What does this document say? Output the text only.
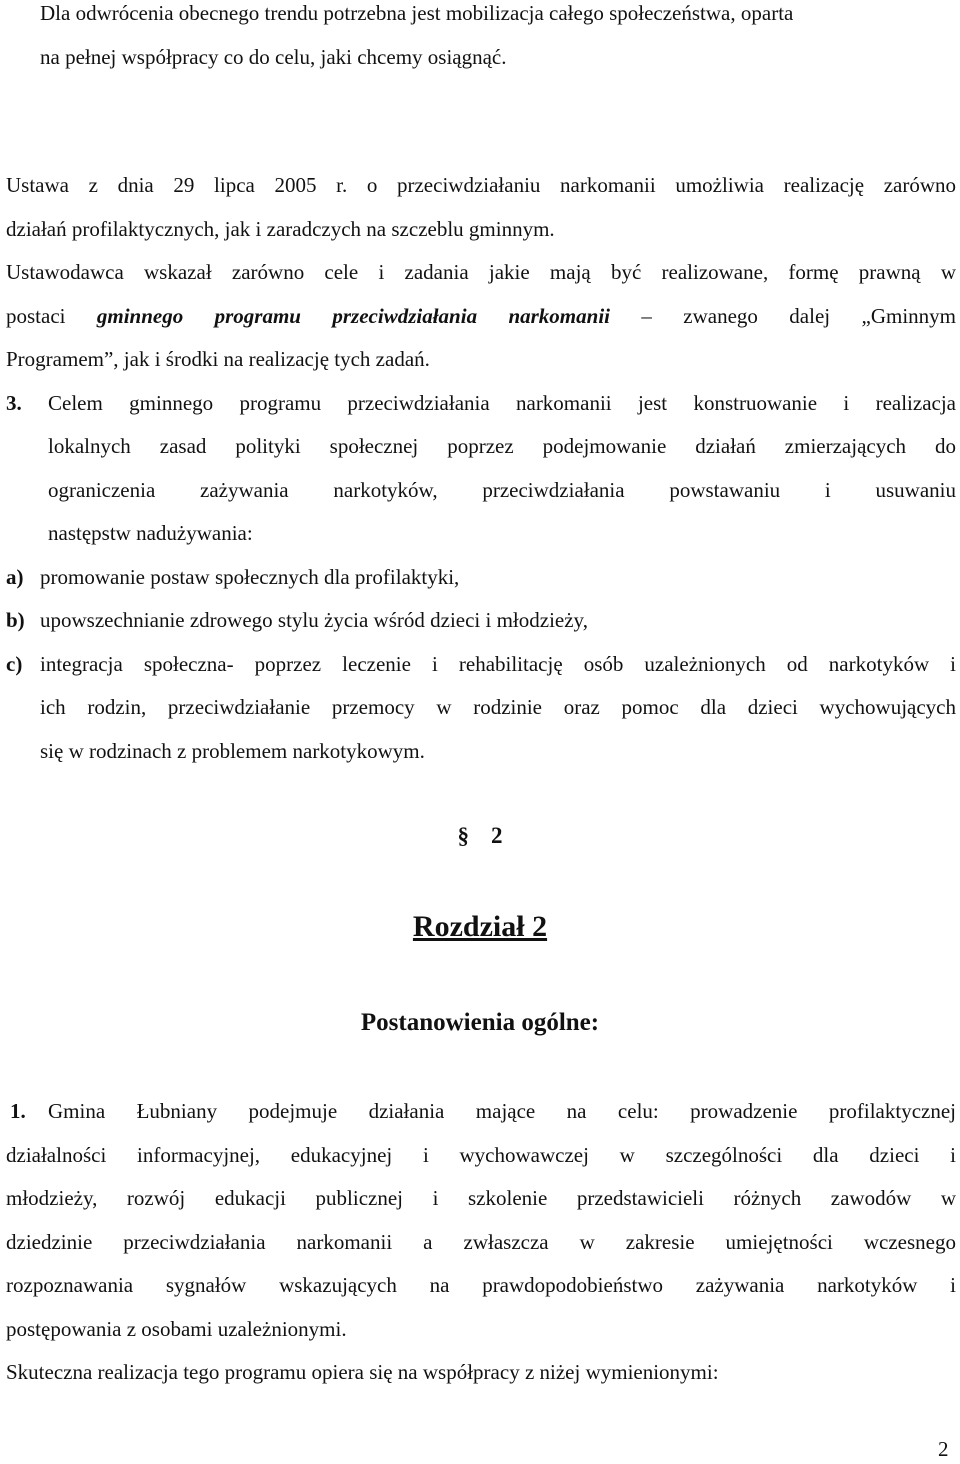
Dla odwrócenia obecnego trendu potrzebna jest mobilizacja całego społeczeństwa, oparta
na pełnej współpracy co do celu, jaki chcemy osiągnąć.
Ustawa z dnia 29 lipca 2005 r. o przeciwdziałaniu narkomanii umożliwia realizację zarówno
działań profilaktycznych, jak i zaradczych na szczeblu gminnym.
Ustawodawca wskazał zarówno cele i zadania jakie mają być realizowane, formę prawną w
postaci gminnego programu przeciwdziałania narkomanii – zwanego dalej „Gminnym
Programem”, jak i środki na realizację tych zadań.
3. Celem gminnego programu przeciwdziałania narkomanii jest konstruowanie i realizacja
lokalnych zasad polityki społecznej poprzez podejmowanie działań zmierzających do
ograniczenia zażywania narkotyków, przeciwdziałania powstawaniu i usuwaniu
następstw nadużywania:
a) promowanie postaw społecznych dla profilaktyki,
b) upowszechnianie zdrowego stylu życia wśród dzieci i młodzieży,
c) integracja społeczna- poprzez leczenie i rehabilitację osób uzależnionych od narkotyków i
ich rodzin, przeciwdziałanie przemocy w rodzinie oraz pomoc dla dzieci wychowujących
się w rodzinach z problemem narkotykowym.
§ 2
Rozdział 2
Postanowienia ogólne:
1. Gmina Łubniany podejmuje działania mające na celu: prowadzenie profilaktycznej
działalności informacyjnej, edukacyjnej i wychowawczej w szczególności dla dzieci i
młodzieży, rozwój edukacji publicznej i szkolenie przedstawicieli różnych zawodów w
dziedzinie przeciwdziałania narkomanii a zwłaszcza w zakresie umiejętności wczesnego
rozpoznawania sygnałów wskazujących na prawdopodobieństwo zażywania narkotyków i
postępowania z osobami uzależnionymi.
Skuteczna realizacja tego programu opiera się na współpracy z niżej wymienionymi:
2
